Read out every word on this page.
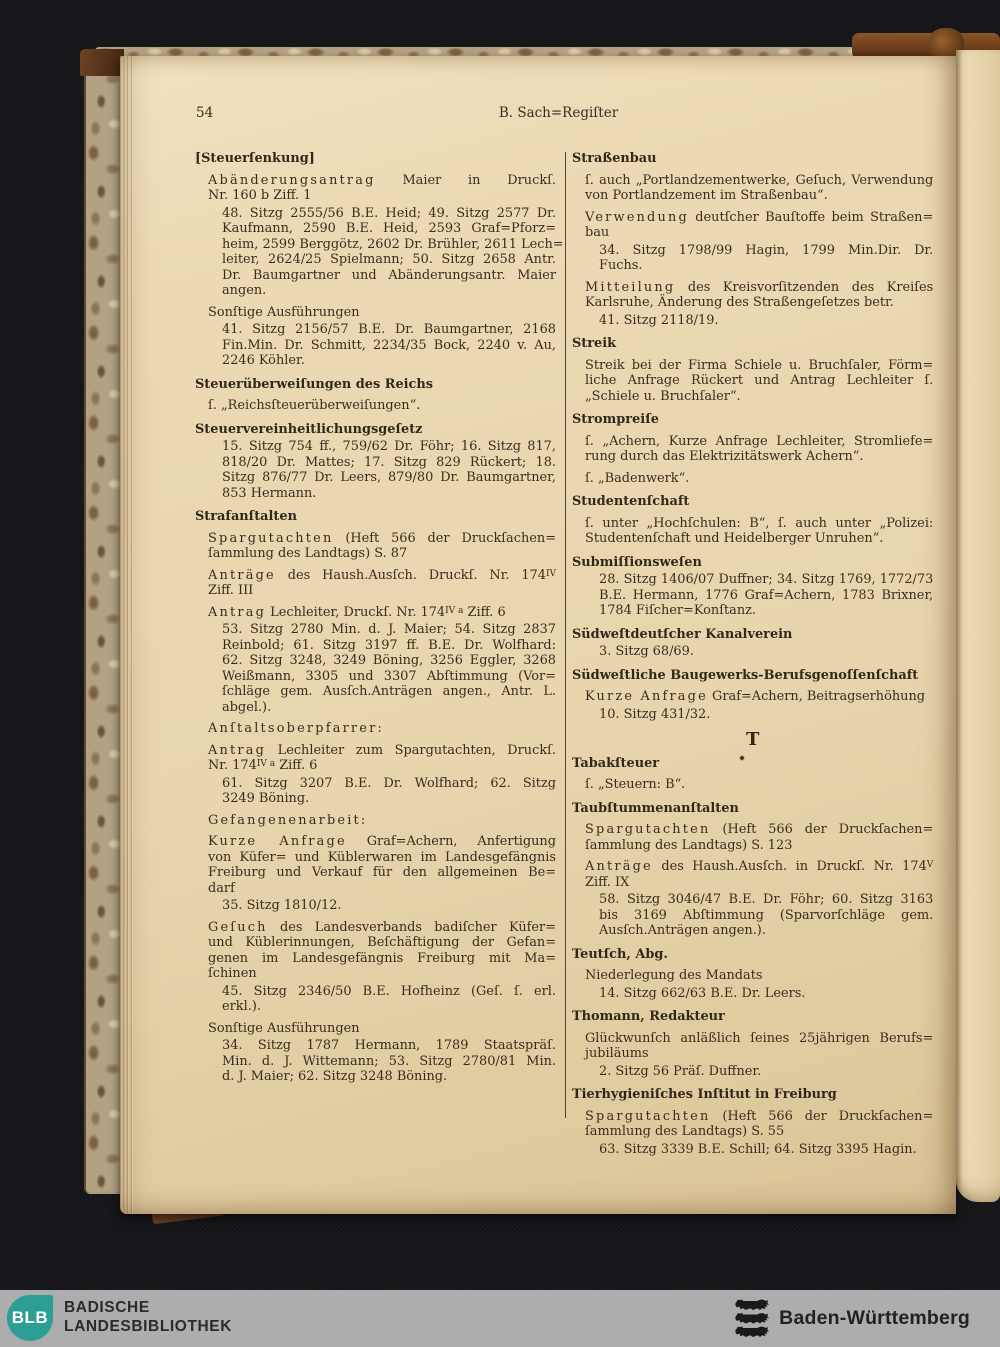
54	B. Sach=Regiſter
[Steuerſenkung]
Abänderungsantrag Maier in Druckſ.
Nr. 160 b Ziff. 1
48. Sitzg 2555/56 B.E. Heid; 49. Sitzg 2577 Dr.
Kaufmann, 2590 B.E. Heid, 2593 Graf=Pforz=
heim, 2599 Berggötz, 2602 Dr. Brühler, 2611 Lech=
leiter, 2624/25 Spielmann; 50. Sitzg 2658 Antr.
Dr. Baumgartner und Abänderungsantr. Maier
angen.
Sonſtige Ausführungen
41. Sitzg 2156/57 B.E. Dr. Baumgartner, 2168
Fin.Min. Dr. Schmitt, 2234/35 Bock, 2240 v. Au,
2246 Köhler.
Steuerüberweiſungen des Reichs
ſ. „Reichsſteuerüberweiſungen“.
Steuervereinheitlichungsgeſetz
15. Sitzg 754 ff., 759/62 Dr. Föhr; 16. Sitzg 817,
818/20 Dr. Mattes; 17. Sitzg 829 Rückert; 18.
Sitzg 876/77 Dr. Leers, 879/80 Dr. Baumgartner,
853 Hermann.
Strafanſtalten
Spargutachten (Heft 566 der Druckſachen=
ſammlung des Landtags) S. 87
Anträge des Haush.Ausſch. Druckſ. Nr. $174^{IV}$
Ziff. III
Antrag Lechleiter, Druckſ. Nr. $174^{IV a}$ Ziff. 6
53. Sitzg 2780 Min. d. J. Maier; 54. Sitzg 2837
Reinbold; 61. Sitzg 3197 ff. B.E. Dr. Wolfhard:
62. Sitzg 3248, 3249 Böning, 3256 Eggler, 3268
Weißmann, 3305 und 3307 Abſtimmung (Vor=
ſchläge gem. Ausſch.Anträgen angen., Antr. L.
abgel.).
Anſtaltsoberpfarrer:
Antrag Lechleiter zum Spargutachten, Druckſ.
Nr. $174^{IV a}$ Ziff. 6
61. Sitzg 3207 B.E. Dr. Wolfhard; 62. Sitzg
3249 Böning.
Gefangenenarbeit:
Kurze Anfrage Graf=Achern, Anfertigung
von Küfer= und Küblerwaren im Landesgefängnis
Freiburg und Verkauf für den allgemeinen Be=
darf
35. Sitzg 1810/12.
Geſuch des Landesverbands badiſcher Küfer=
und Küblerinnungen, Beſchäftigung der Gefan=
genen im Landesgefängnis Freiburg mit Ma=
ſchinen
45. Sitzg 2346/50 B.E. Hofheinz (Geſ. ſ. erl.
erkl.).
Sonſtige Ausführungen
34. Sitzg 1787 Hermann, 1789 Staatspräſ.
Min. d. J. Wittemann; 53. Sitzg 2780/81 Min.
d. J. Maier; 62. Sitzg 3248 Böning.
Straßenbau
ſ. auch „Portlandzementwerke, Geſuch, Verwendung
von Portlandzement im Straßenbau“.
Verwendung deutſcher Bauſtoffe beim Straßen=
bau
34. Sitzg 1798/99 Hagin, 1799 Min.Dir. Dr.
Fuchs.
Mitteilung des Kreisvorſitzenden des Kreiſes
Karlsruhe, Änderung des Straßengeſetzes betr.
41. Sitzg 2118/19.
Streik
Streik bei der Firma Schiele u. Bruchſaler, Förm=
liche Anfrage Rückert und Antrag Lechleiter ſ.
„Schiele u. Bruchſaler“.
Strompreiſe
ſ. „Achern, Kurze Anfrage Lechleiter, Stromliefe=
rung durch das Elektrizitätswerk Achern“.
ſ. „Badenwerk“.
Studentenſchaft
ſ. unter „Hochſchulen: B“, ſ. auch unter „Polizei:
Studentenſchaft und Heidelberger Unruhen“.
Submiſſionsweſen
28. Sitzg 1406/07 Duffner; 34. Sitzg 1769, 1772/73
B.E. Hermann, 1776 Graf=Achern, 1783 Brixner,
1784 Fiſcher=Konſtanz.
Südweſtdeutſcher Kanalverein
3. Sitzg 68/69.
Südweſtliche Baugewerks-Berufsgenoſſenſchaft
Kurze Anfrage Graf=Achern, Beitragserhöhung
10. Sitzg 431/32.
T
Tabakſteuer
ſ. „Steuern: B“.
Taubſtummenanſtalten
Spargutachten (Heft 566 der Druckſachen=
ſammlung des Landtags) S. 123
Anträge des Haush.Ausſch. in Druckſ. Nr. $174^V$
Ziff. IX
58. Sitzg 3046/47 B.E. Dr. Föhr; 60. Sitzg 3163
bis 3169 Abſtimmung (Sparvorſchläge gem.
Ausſch.Anträgen angen.).
Teutſch, Abg.
Niederlegung des Mandats
14. Sitzg 662/63 B.E. Dr. Leers.
Thomann, Redakteur
Glückwunſch anläßlich ſeines 25jährigen Berufs=
jubiläums
2. Sitzg 56 Präſ. Duffner.
Tierhygieniſches Inſtitut in Freiburg
Spargutachten (Heft 566 der Druckſachen=
ſammlung des Landtags) S. 55
63. Sitzg 3339 B.E. Schill; 64. Sitzg 3395 Hagin.
BLB
BADISCHE
LANDESBIBLIOTHEK	Baden-Württemberg
